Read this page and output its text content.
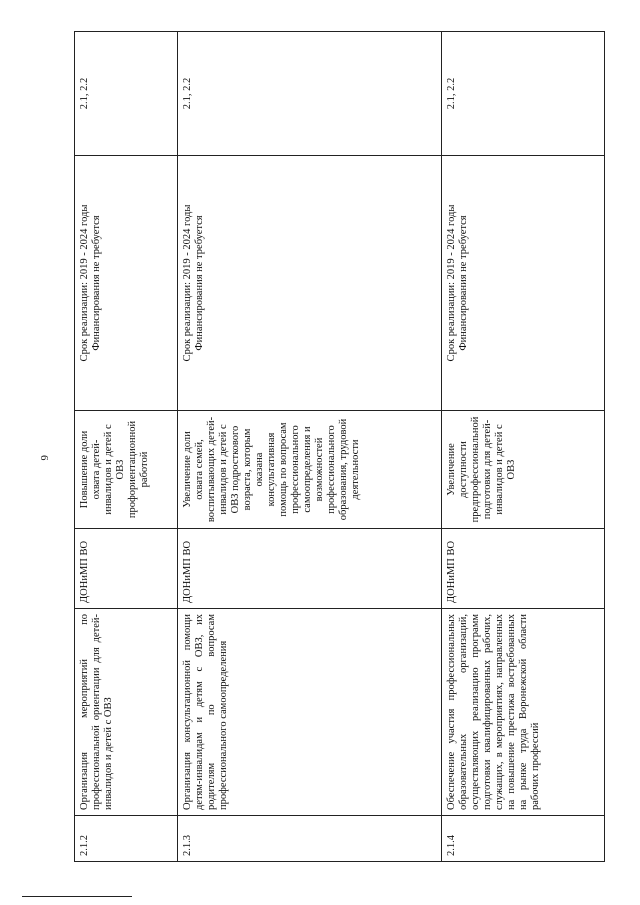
6
2.1.2	Организация мероприятий по профессиональной ориентации для детей-инвалидов и детей с ОВЗ	ДОНиМП ВО	Повышение доли охвата детей-инвалидов и детей с ОВЗ профориентационной работой	Срок реализации: 2019 - 2024 годы
Финансирования не требуется	2.1, 2.2
2.1.3	Организация консультационной помощи детям-инвалидам и детям с ОВЗ, их родителям по вопросам профессионального самоопределения	ДОНиМП ВО	Увеличение доли охвата семей, воспитывающих детей-инвалидов и детей с ОВЗ подросткового возраста, которым оказана консультативная помощь по вопросам профессионального самоопределения и возможностей профессионального образования, трудовой деятельности	Срок реализации: 2019 - 2024 годы
Финансирования не требуется	2.1, 2.2
2.1.4	Обеспечение участия профессиональных образовательных организаций, осуществляющих реализацию программ подготовки квалифицированных рабочих, служащих, в мероприятиях, направленных на повышение престижа востребованных на рынке труда Воронежской области рабочих профессий	ДОНиМП ВО	Увеличение доступности предпрофессиональной подготовки для детей-инвалидов и детей с ОВЗ	Срок реализации: 2019 - 2024 годы
Финансирования не требуется	2.1, 2.2
